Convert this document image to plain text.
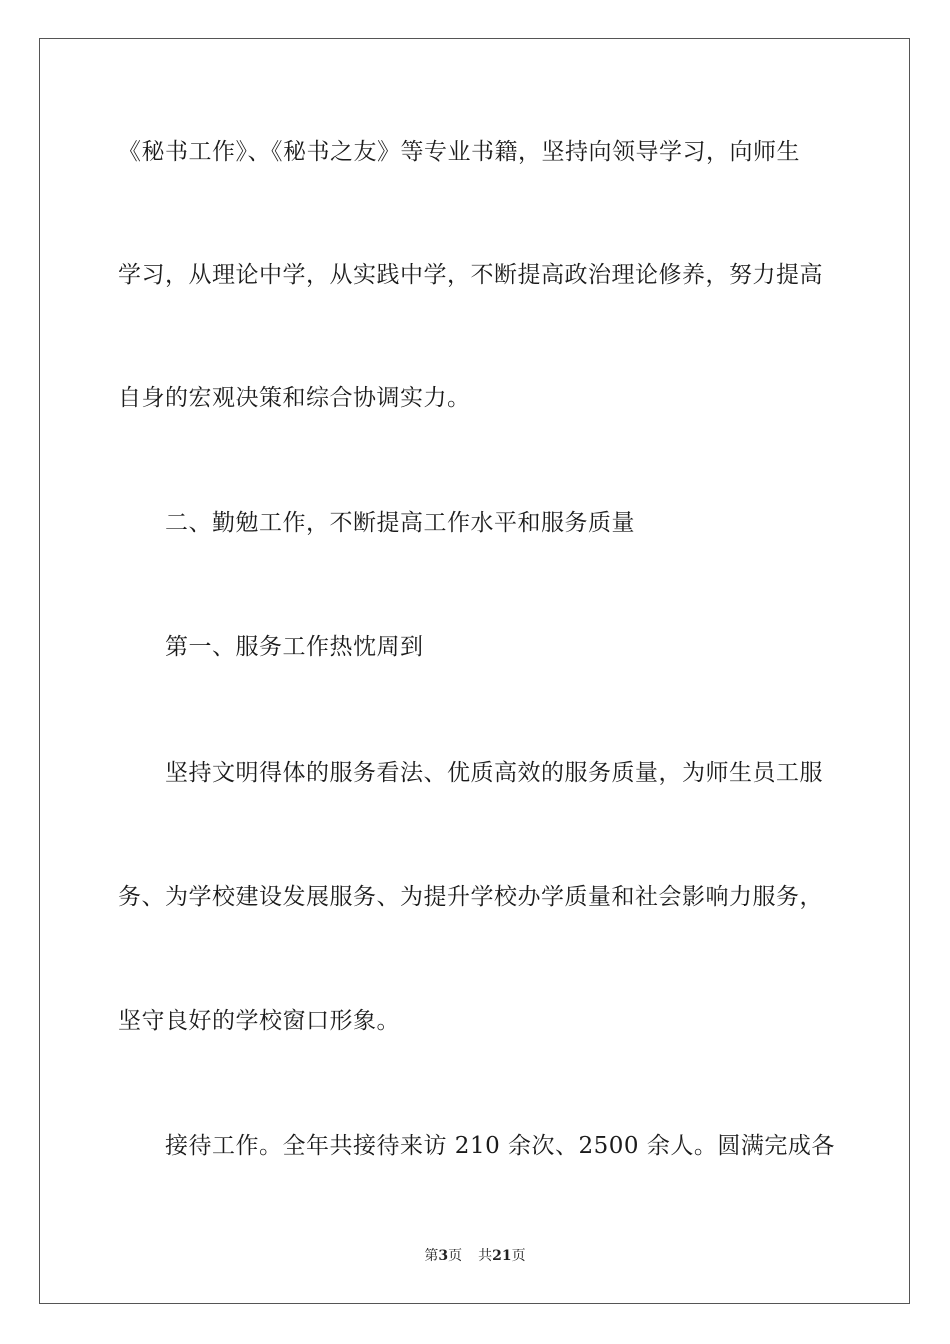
《秘书工作》、《秘书之友》等专业书籍，坚持向领导学习，向师生
学习，从理论中学，从实践中学，不断提高政治理论修养，努力提高
自身的宏观决策和综合协调实力。
二、勤勉工作，不断提高工作水平和服务质量
第一、服务工作热忱周到
坚持文明得体的服务看法、优质高效的服务质量，为师生员工服
务、为学校建设发展服务、为提升学校办学质量和社会影响力服务，
坚守良好的学校窗口形象。
接待工作。全年共接待来访 210 余次、2500 余人。圆满完成各
第3页 共21页
